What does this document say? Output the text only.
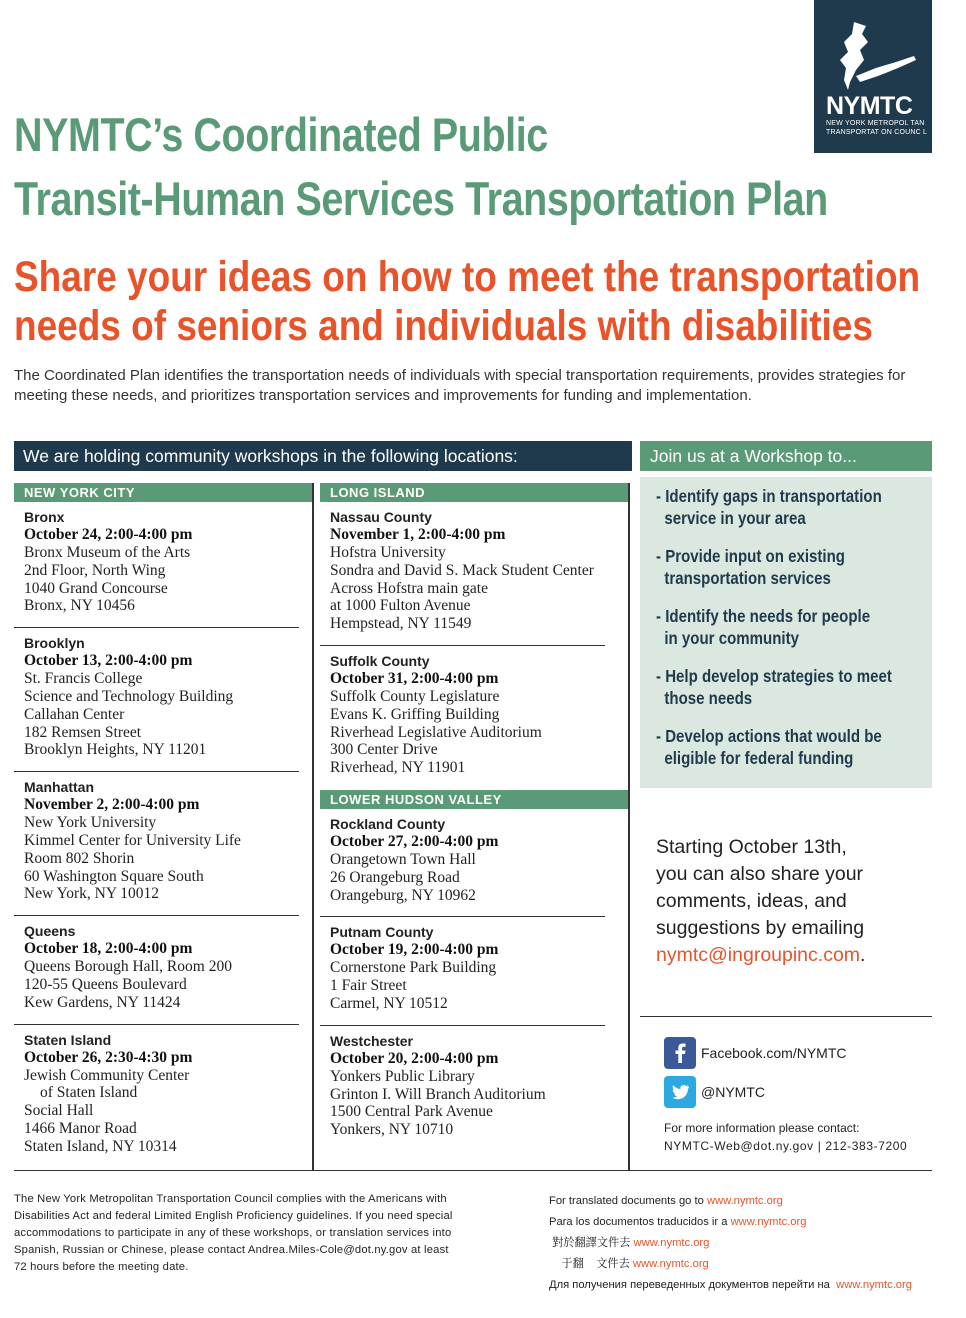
NYMTC
NEW YORK METROPOL TAN
TRANSPORTAT ON COUNC L
NYMTC’s Coordinated Public
Transit-Human Services Transportation Plan
Share your ideas on how to meet the transportation
needs of seniors and individuals with disabilities
The Coordinated Plan identifies the transportation needs of individuals with special transportation requirements, provides strategies for meeting these needs, and prioritizes transportation services and improvements for funding and implementation.
We are holding community workshops in the following locations:	Join us at a Workshop to...
NEW YORK CITY
Bronx
October 24, 2:00-4:00 pm
Bronx Museum of the Arts
2nd Floor, North Wing
1040 Grand Concourse
Bronx, NY 10456
Brooklyn
October 13, 2:00-4:00 pm
St. Francis College
Science and Technology Building
Callahan Center
182 Remsen Street
Brooklyn Heights, NY 11201
Manhattan
November 2, 2:00-4:00 pm
New York University
Kimmel Center for University Life
Room 802 Shorin
60 Washington Square South
New York, NY 10012
Queens
October 18, 2:00-4:00 pm
Queens Borough Hall, Room 200
120-55 Queens Boulevard
Kew Gardens, NY 11424
Staten Island
October 26, 2:30-4:30 pm
Jewish Community Center
of Staten Island
Social Hall
1466 Manor Road
Staten Island, NY 10314
LONG ISLAND
Nassau County
November 1, 2:00-4:00 pm
Hofstra University
Sondra and David S. Mack Student Center
Across Hofstra main gate
at 1000 Fulton Avenue
Hempstead, NY 11549
Suffolk County
October 31, 2:00-4:00 pm
Suffolk County Legislature
Evans K. Griffing Building
Riverhead Legislative Auditorium
300 Center Drive
Riverhead, NY 11901
LOWER HUDSON VALLEY
Rockland County
October 27, 2:00-4:00 pm
Orangetown Town Hall
26 Orangeburg Road
Orangeburg, NY 10962
Putnam County
October 19, 2:00-4:00 pm
Cornerstone Park Building
1 Fair Street
Carmel, NY 10512
Westchester
October 20, 2:00-4:00 pm
Yonkers Public Library
Grinton I. Will Branch Auditorium
1500 Central Park Avenue
Yonkers, NY 10710
- Identify gaps in transportation
service in your area
- Provide input on existing
transportation services
- Identify the needs for people
in your community
- Help develop strategies to meet
those needs
- Develop actions that would be
eligible for federal funding
Starting October 13th,
you can also share your
comments, ideas, and
suggestions by emailing
nymtc@ingroupinc.com.
Facebook.com/NYMTC
@NYMTC
For more information please contact:
NYMTC-Web@dot.ny.gov | 212-383-7200
The New York Metropolitan Transportation Council complies with the Americans with Disabilities Act and federal Limited English Proficiency guidelines. If you need special accommodations to participate in any of these workshops, or translation services into Spanish, Russian or Chinese, please contact Andrea.Miles-Cole@dot.ny.gov at least 72 hours before the meeting date.
For translated documents go to www.nymtc.org
Para los documentos traducidos ir a www.nymtc.org
對於翻譯文件去 www.nymtc.org
于翻    文件去 www.nymtc.org
Для получения переведенных документов перейти на  www.nymtc.org
